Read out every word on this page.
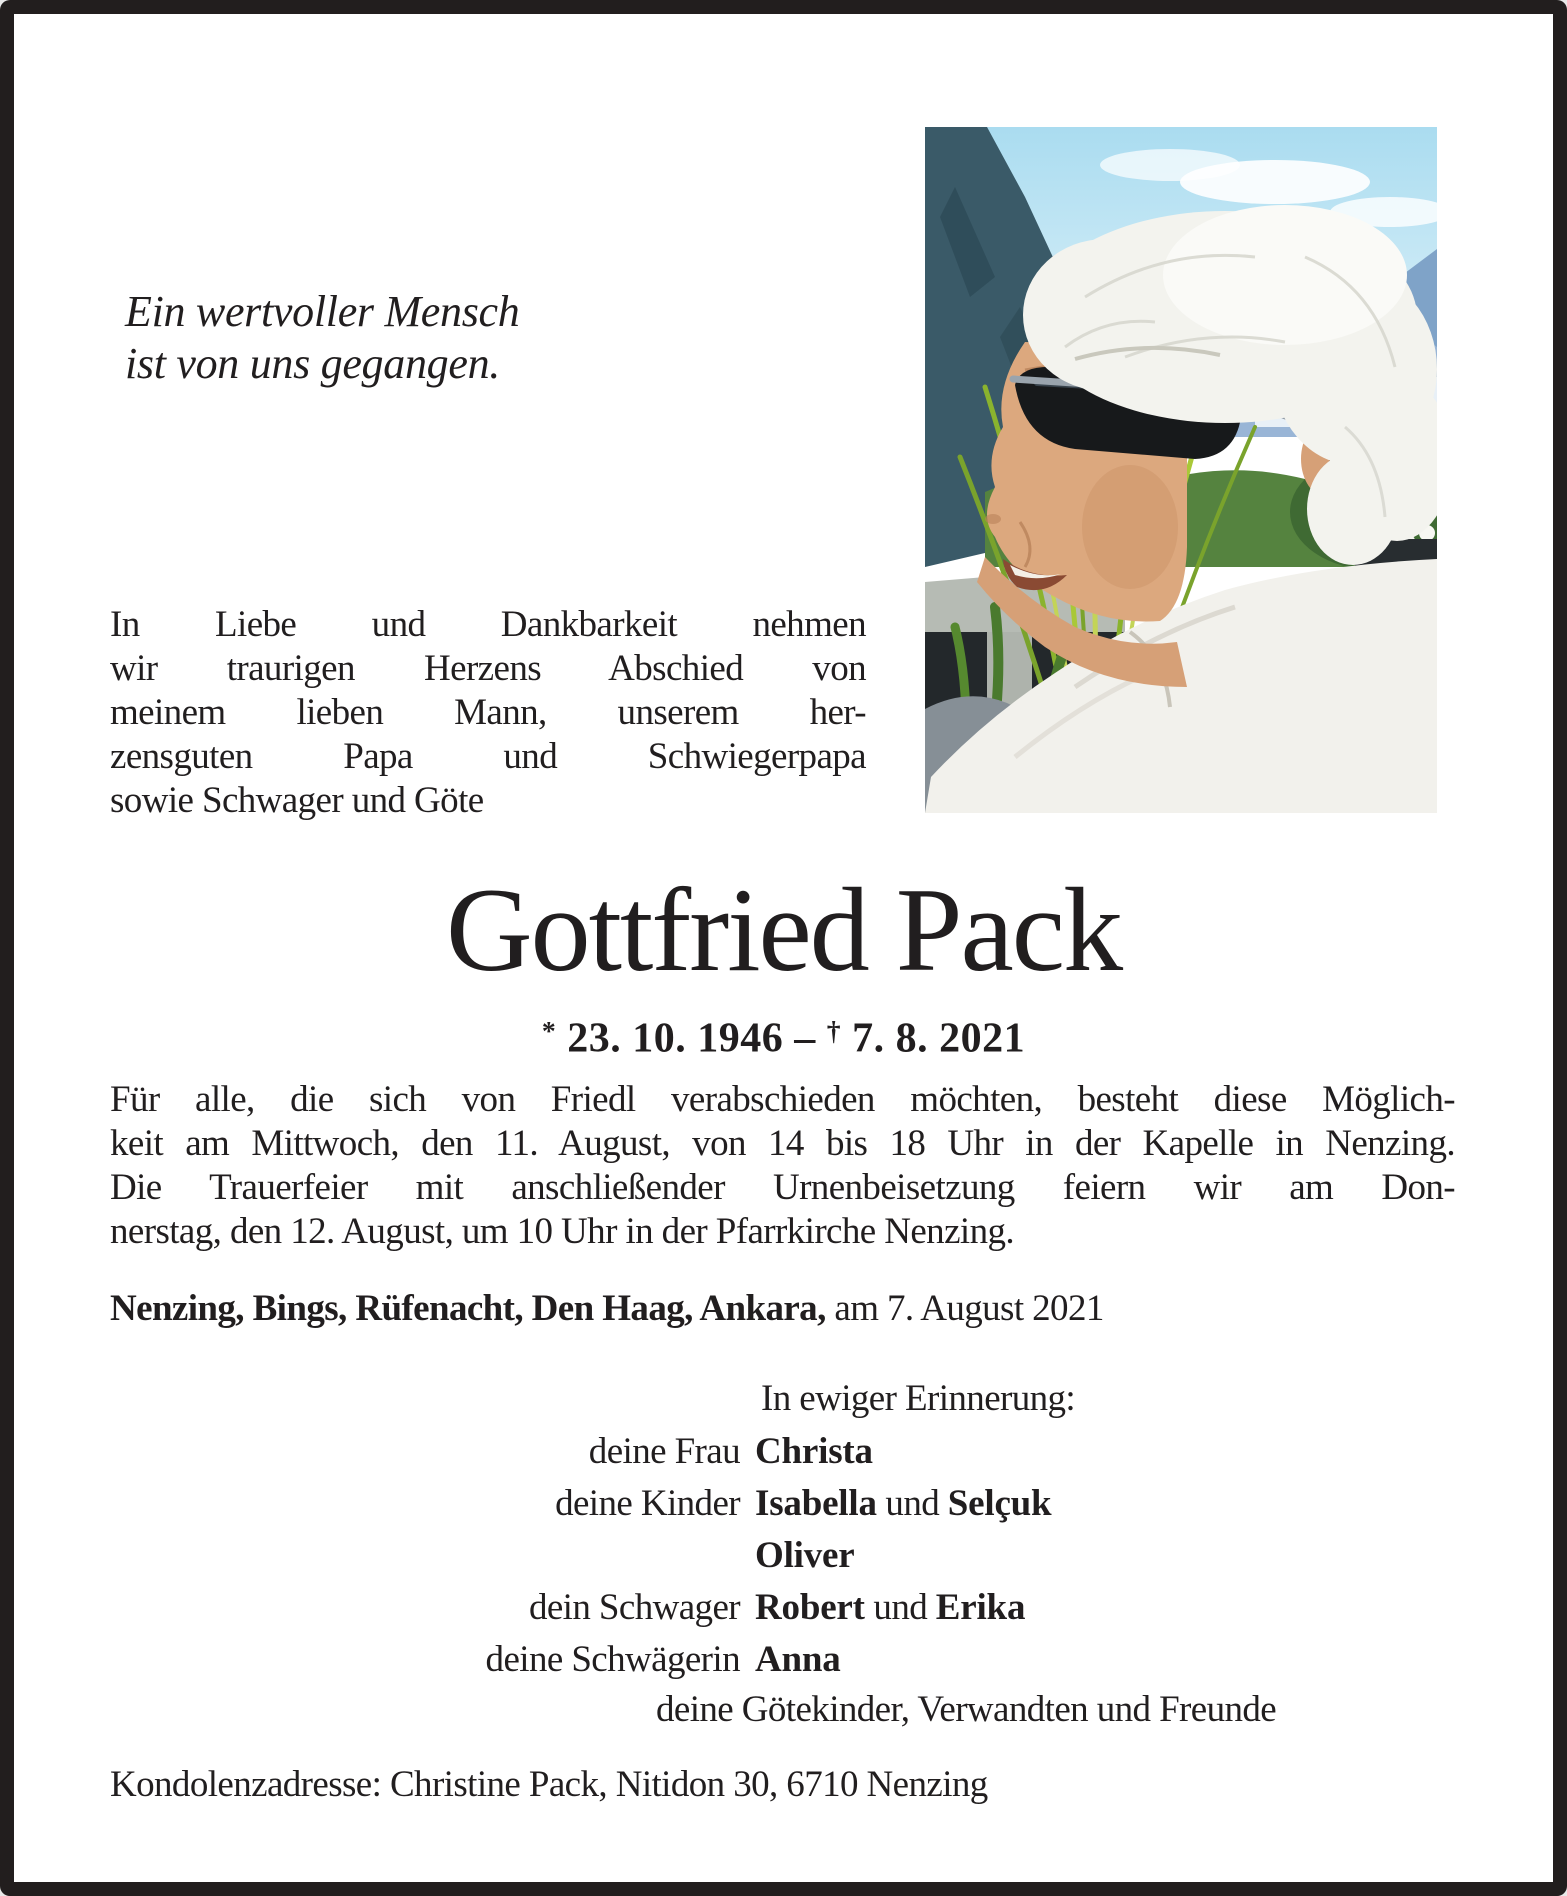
Ein wertvoller Mensch
ist von uns gegangen.
In Liebe und Dankbarkeit nehmen
wir traurigen Herzens Abschied von
meinem lieben Mann, unserem her-
zensguten Papa und Schwiegerpapa
sowie Schwager und Göte
Gottfried Pack
* 23. 10. 1946 – † 7. 8. 2021
Für alle, die sich von Friedl verabschieden möchten, besteht diese Möglich-
keit am Mittwoch, den 11. August, von 14 bis 18 Uhr in der Kapelle in Nenzing.
Die Trauerfeier mit anschließender Urnenbeisetzung feiern wir am Don-
nerstag, den 12. August, um 10 Uhr in der Pfarrkirche Nenzing.
Nenzing, Bings, Rüfenacht, Den Haag, Ankara, am 7. August 2021
In ewiger Erinnerung:
deine Frau Christa
deine Kinder Isabella und Selçuk
Oliver
dein Schwager Robert und Erika
deine Schwägerin Anna
deine Götekinder, Verwandten und Freunde
Kondolenzadresse: Christine Pack, Nitidon 30, 6710 Nenzing
